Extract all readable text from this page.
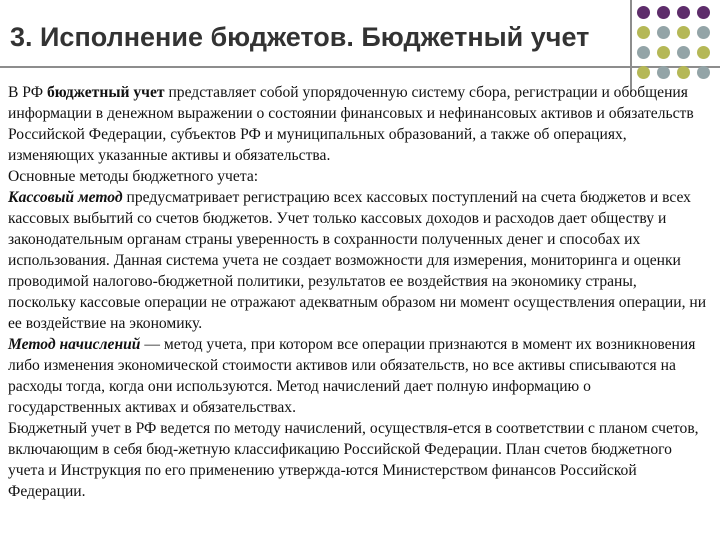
3. Исполнение бюджетов. Бюджетный учет

В РФ бюджетный учет представляет собой упорядоченную систему сбора, регистрации и обобщения информации в денежном выражении о состоянии финансовых и нефинансовых активов и обязательств Российской Федерации, субъектов РФ и муниципальных образований, а также об операциях, изменяющих указанные активы и обязательства.

Основные методы бюджетного учета:

Кассовый метод предусматривает регистрацию всех кассовых поступлений на счета бюджетов и всех кассовых выбытий со счетов бюджетов. Учет только кассовых доходов и расходов дает обществу и законодательным органам страны уверенность в сохранности полученных денег и способах их использования. Данная система учета не создает возможности для измерения, мониторинга и оценки проводимой налогово-бюджетной политики, результатов ее воздействия на экономику страны, поскольку кассовые операции не отражают адекватным образом ни момент осуществления операции, ни ее воздействие на экономику.

Метод начислений — метод учета, при котором все операции признаются в момент их возникновения либо изменения экономической стоимости активов или обязательств, но все активы списываются на расходы тогда, когда они используются. Метод начислений дает полную информацию о государственных активах и обязательствах.

Бюджетный учет в РФ ведется по методу начислений, осуществля-ется в соответствии с планом счетов, включающим в себя бюд-жетную классификацию Российской Федерации. План счетов бюджетного учета и Инструкция по его применению утвержда-ются Министерством финансов Российской Федерации.
